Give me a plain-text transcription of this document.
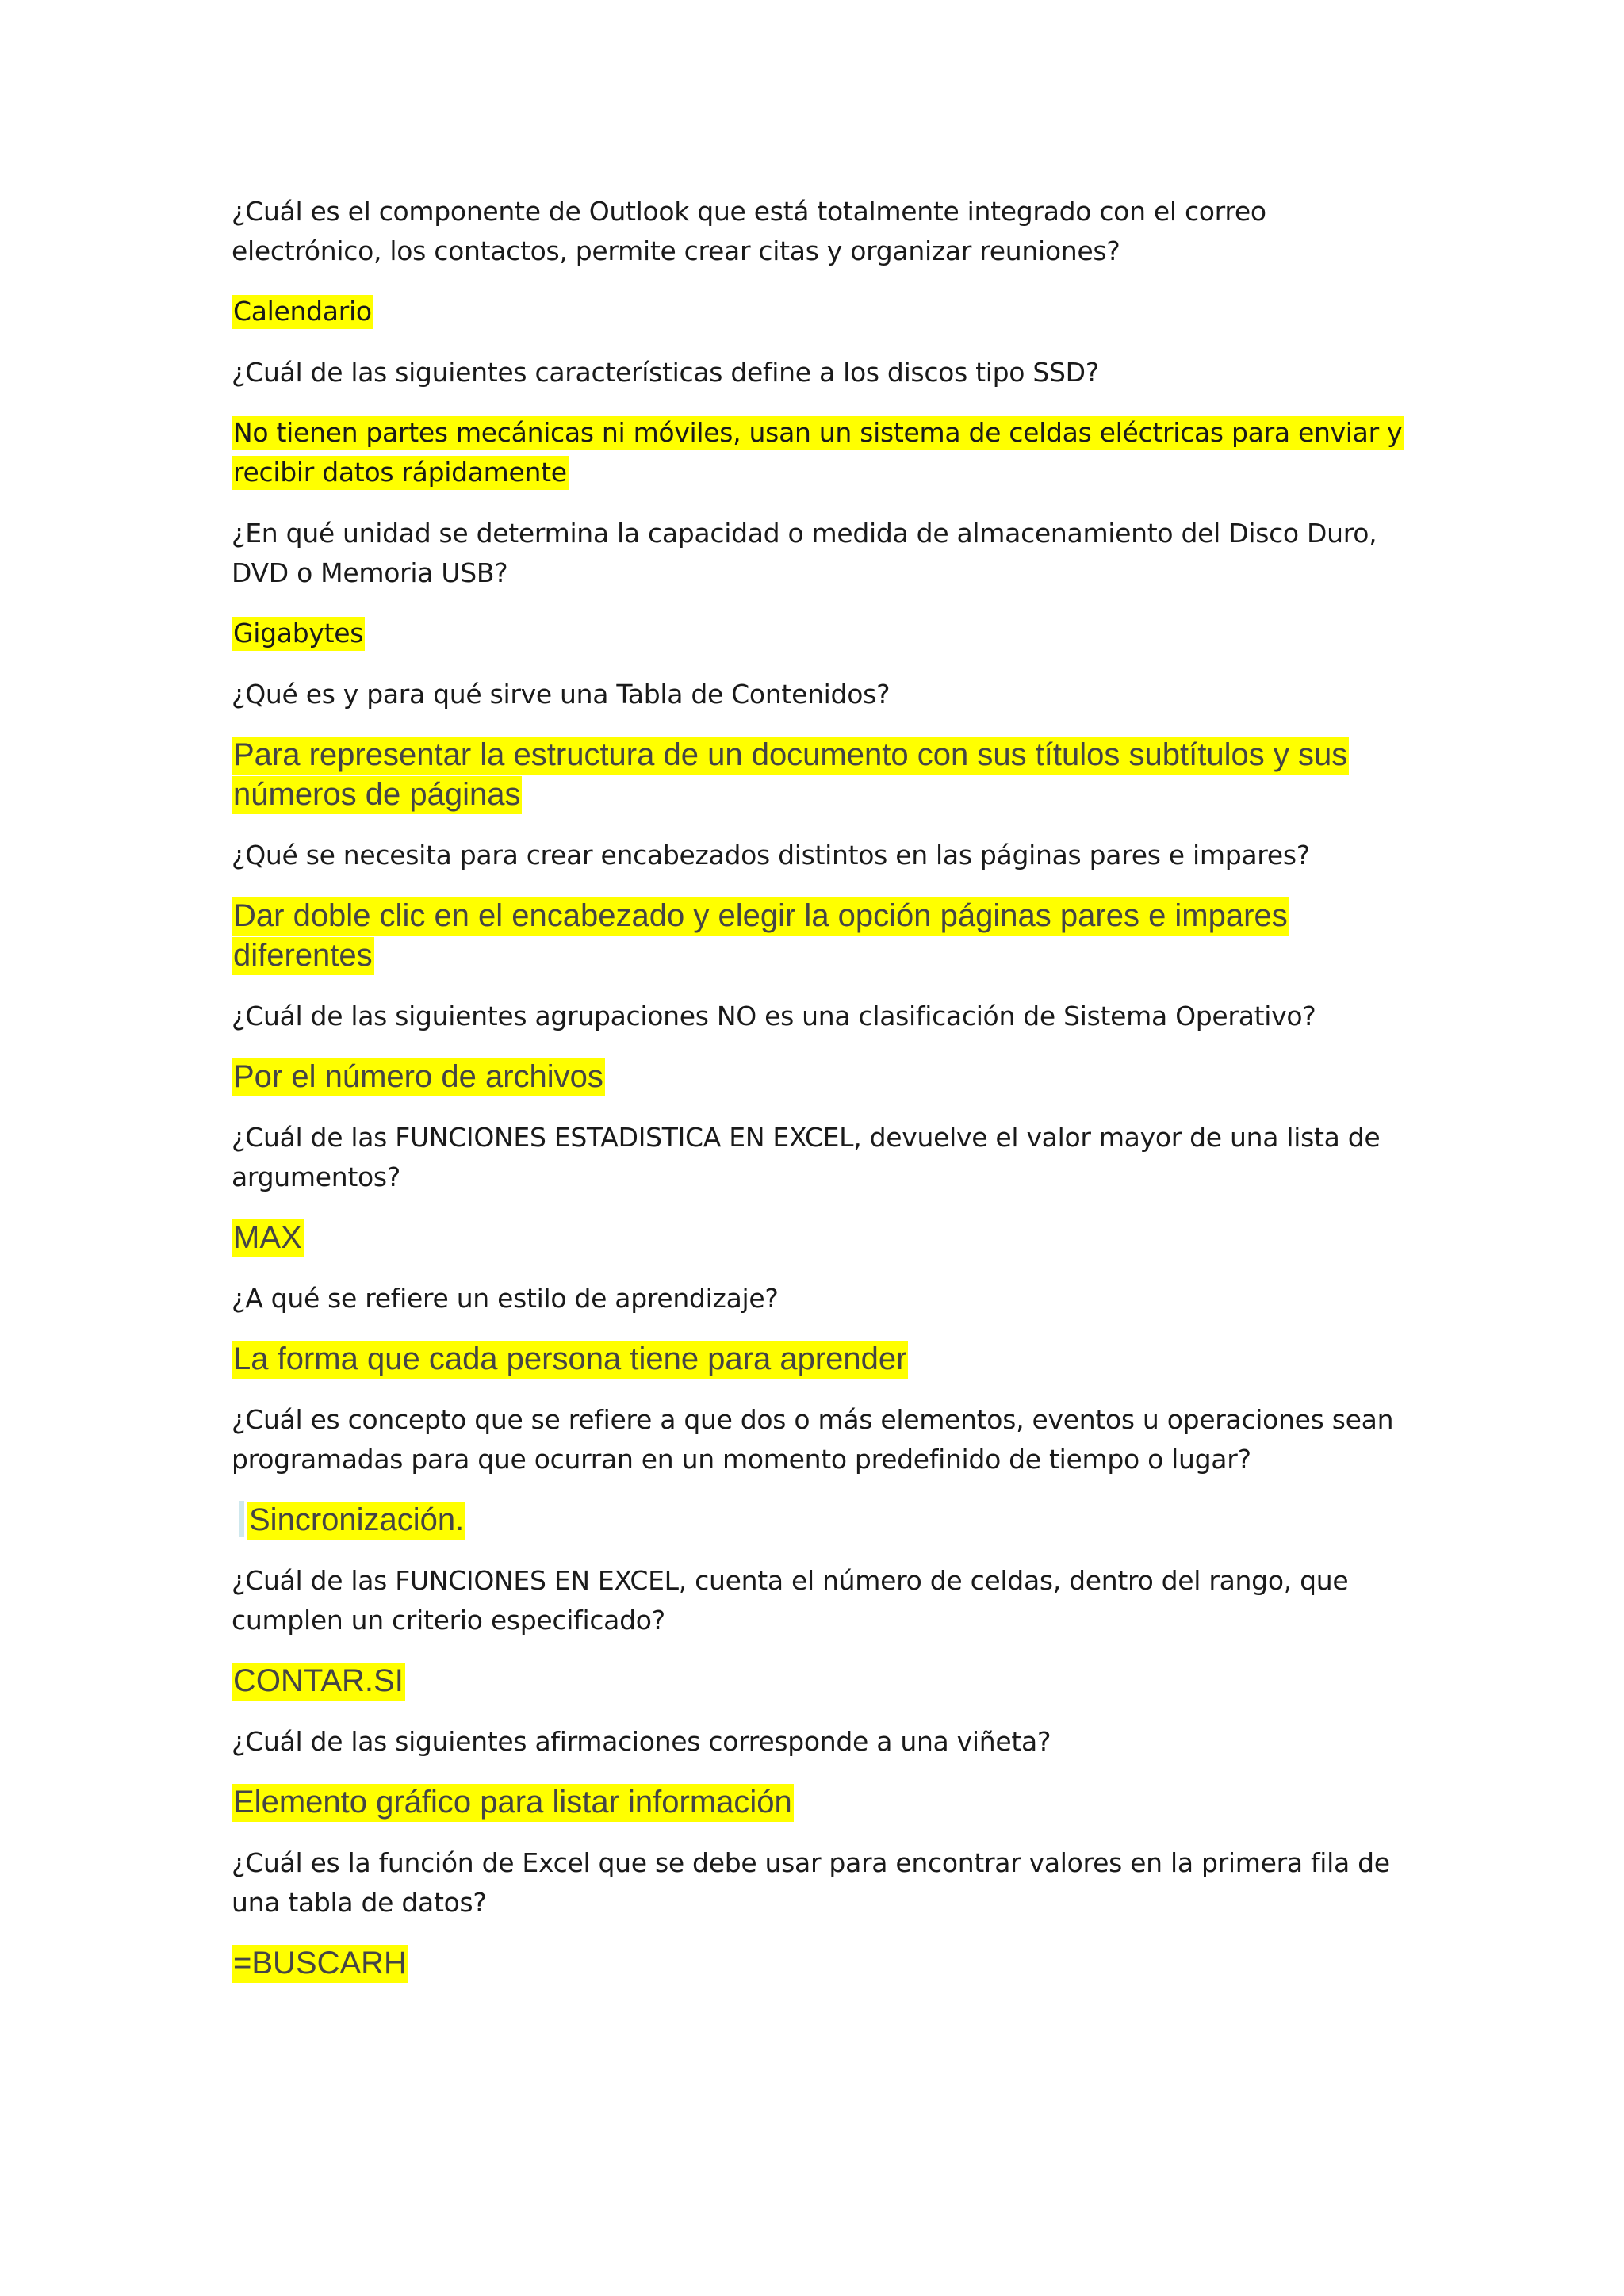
¿Cuál es el componente de Outlook que está totalmente integrado con el correo electrónico, los contactos, permite crear citas y organizar reuniones?

Calendario

¿Cuál de las siguientes características define a los discos tipo SSD?

No tienen partes mecánicas ni móviles, usan un sistema de celdas eléctricas para enviar y recibir datos rápidamente

¿En qué unidad se determina la capacidad o medida de almacenamiento del Disco Duro, DVD o Memoria USB?

Gigabytes

¿Qué es y para qué sirve una Tabla de Contenidos?

Para representar la estructura de un documento con sus títulos subtítulos y sus números de páginas

¿Qué se necesita para crear encabezados distintos en las páginas pares e impares?

Dar doble clic en el encabezado y elegir la opción páginas pares e impares diferentes

¿Cuál de las siguientes agrupaciones NO es una clasificación de Sistema Operativo?

Por el número de archivos

¿Cuál de las FUNCIONES ESTADISTICA EN EXCEL, devuelve el valor mayor de una lista de argumentos?

MAX

¿A qué se refiere un estilo de aprendizaje?

La forma que cada persona tiene para aprender

¿Cuál es concepto que se refiere a que dos o más elementos, eventos u operaciones sean programadas para que ocurran en un momento predefinido de tiempo o lugar?

Sincronización.

¿Cuál de las FUNCIONES EN EXCEL, cuenta el número de celdas, dentro del rango, que cumplen un criterio especificado?

CONTAR.SI

¿Cuál de las siguientes afirmaciones corresponde a una viñeta?

Elemento gráfico para listar información

¿Cuál es la función de Excel que se debe usar para encontrar valores en la primera fila de una tabla de datos?

=BUSCARH
